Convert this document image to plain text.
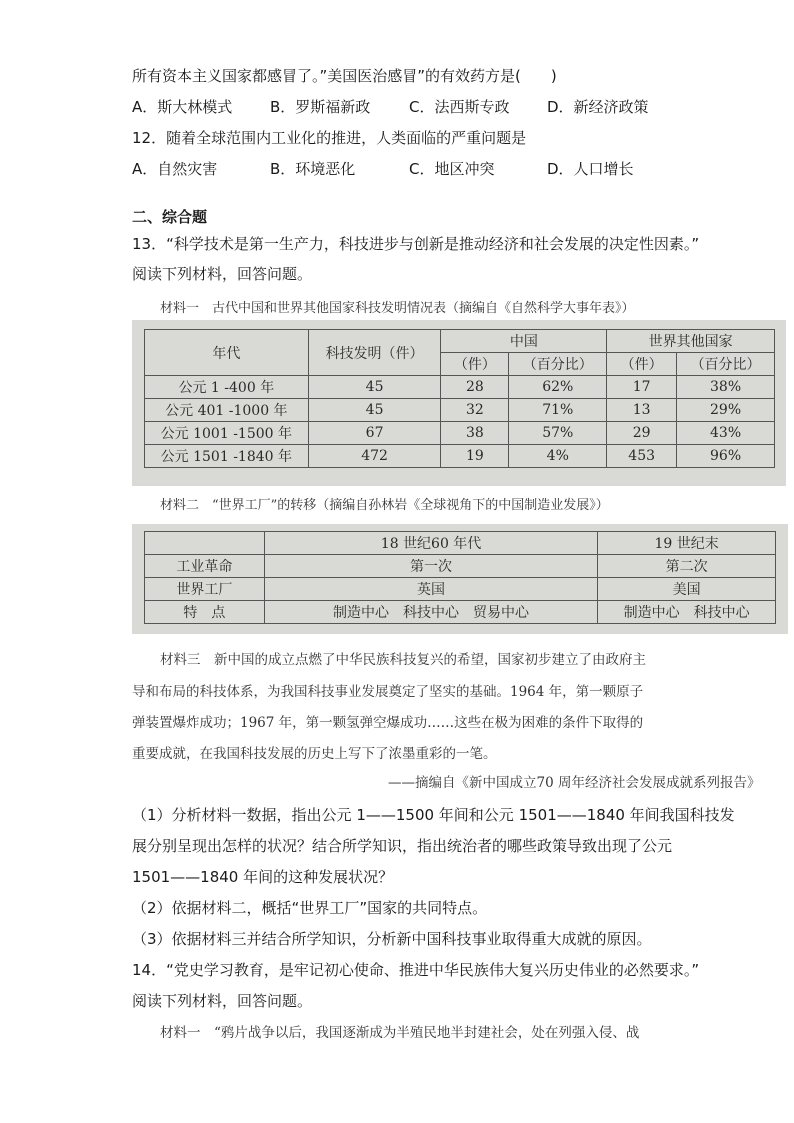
所有资本主义国家都感冒了。”美国医治感冒”的有效药方是(　　)
A．斯大林模式	B．罗斯福新政	C．法西斯专政	D．新经济政策
12．随着全球范围内工业化的推进，人类面临的严重问题是
A．自然灾害	B．环境恶化	C．地区冲突	D．人口增长
二、综合题
13．“科学技术是第一生产力，科技进步与创新是推动经济和社会发展的决定性因素。”
阅读下列材料，回答问题。
材料一　古代中国和世界其他国家科技发明情况表（摘编自《自然科学大事年表》）
年代	科技发明（件）	中国		世界其他国家	
		（件）	（百分比）	（件）	（百分比）
公元 1 -400 年	45	28	62%	17	38%
公元 401 -1000 年	45	32	71%	13	29%
公元 1001 -1500 年	67	38	57%	29	43%
公元 1501 -1840 年	472	19	4%	453	96%
材料二　“世界工厂”的转移（摘编自孙林岩《全球视角下的中国制造业发展》）
	18 世纪60 年代	19 世纪末
工业革命	第一次	第二次
世界工厂	英国	美国
特　点	制造中心　科技中心　贸易中心	制造中心　科技中心
材料三　新中国的成立点燃了中华民族科技复兴的希望，国家初步建立了由政府主
导和布局的科技体系，为我国科技事业发展奠定了坚实的基础。1964 年，第一颗原子
弹装置爆炸成功；1967 年，第一颗氢弹空爆成功……这些在极为困难的条件下取得的
重要成就，在我国科技发展的历史上写下了浓墨重彩的一笔。
——摘编自《新中国成立70 周年经济社会发展成就系列报告》
（1）分析材料一数据，指出公元 1——1500 年间和公元 1501——1840 年间我国科技发
展分别呈现出怎样的状况？结合所学知识，指出统治者的哪些政策导致出现了公元
1501——1840 年间的这种发展状况？
（2）依据材料二，概括“世界工厂”国家的共同特点。
（3）依据材料三并结合所学知识，分析新中国科技事业取得重大成就的原因。
14．“党史学习教育，是牢记初心使命、推进中华民族伟大复兴历史伟业的必然要求。”
阅读下列材料，回答问题。
材料一　“鸦片战争以后，我国逐渐成为半殖民地半封建社会，处在列强入侵、战
